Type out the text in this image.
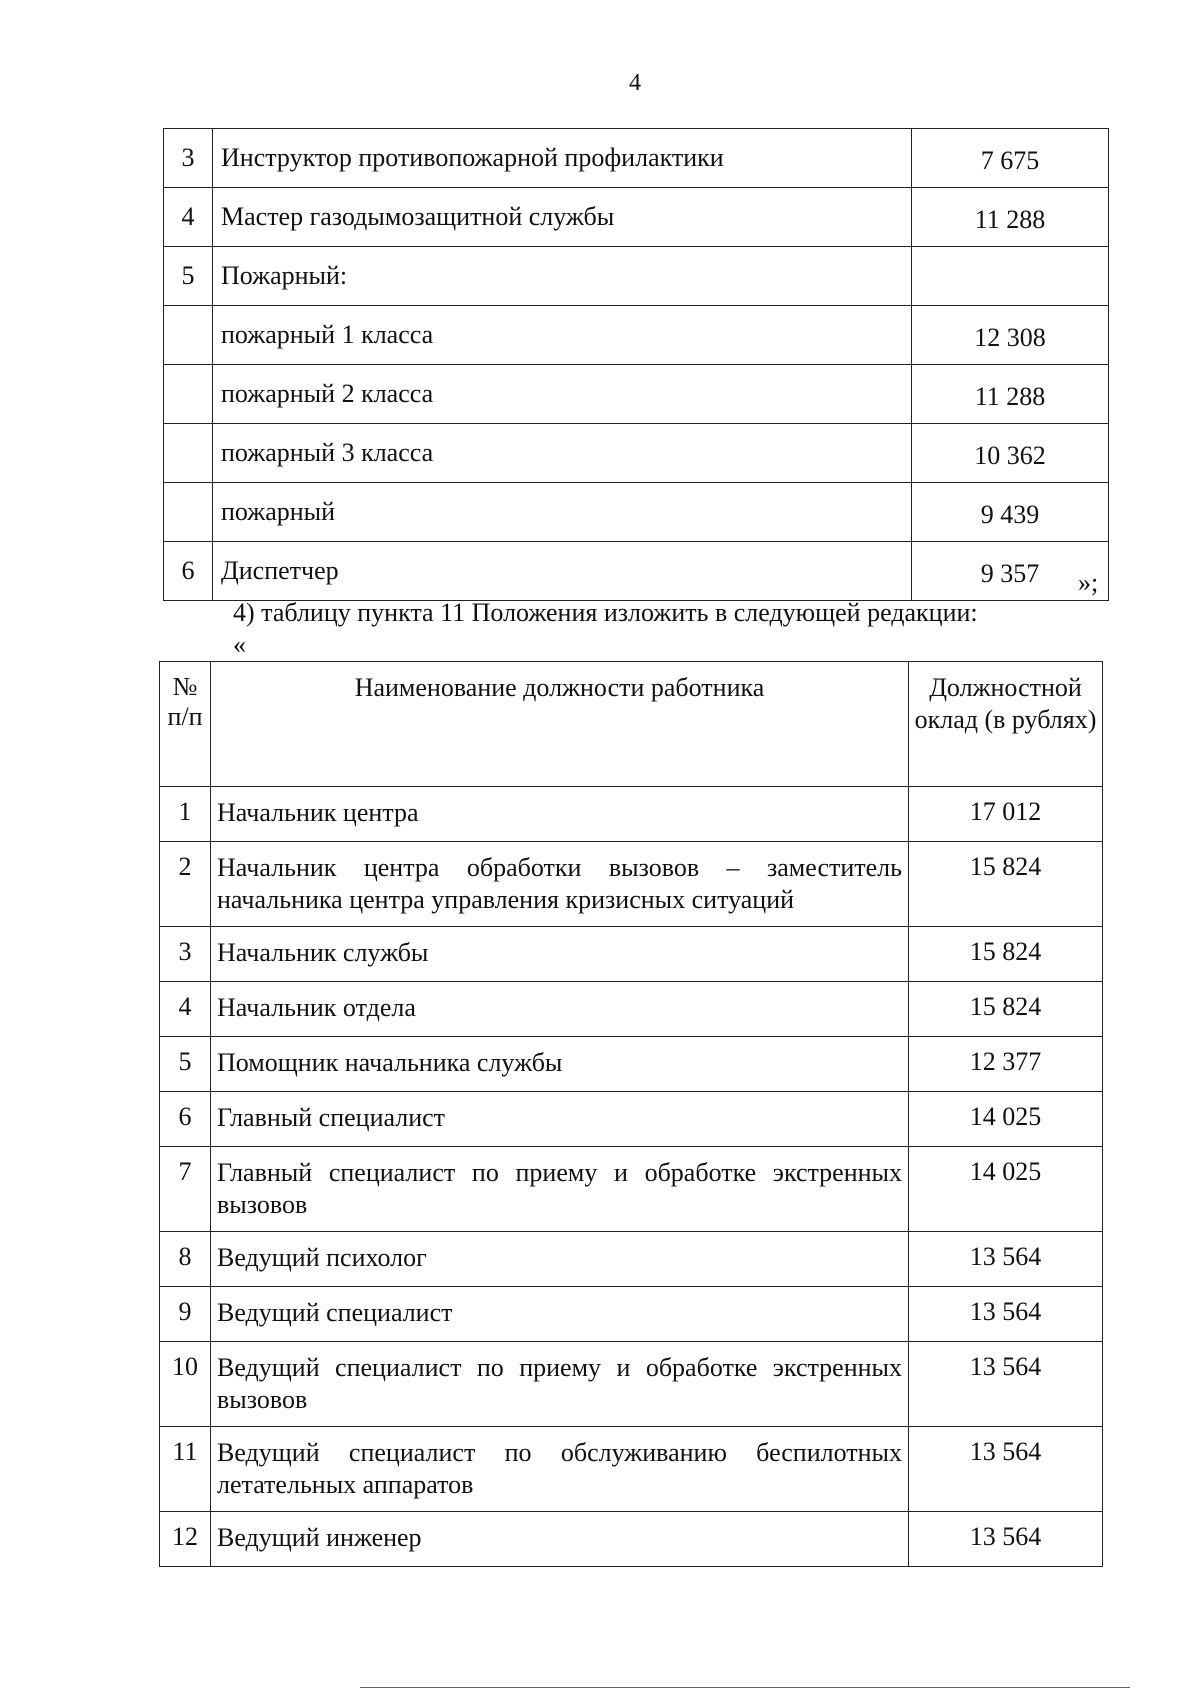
4
3	Инструктор противопожарной профилактики	7 675
4	Мастер газодымозащитной службы	11 288
5	Пожарный:	
	пожарный 1 класса	12 308
	пожарный 2 класса	11 288
	пожарный 3 класса	10 362
	пожарный	9 439
6	Диспетчер	9 357 »;
4) таблицу пункта 11 Положения изложить в следующей редакции:
«
№ п/п	Наименование должности работника	Должностной оклад (в рублях)
1	Начальник центра	17 012
2	Начальник центра обработки вызовов – заместитель начальника центра управления кризисных ситуаций	15 824
3	Начальник службы	15 824
4	Начальник отдела	15 824
5	Помощник начальника службы	12 377
6	Главный специалист	14 025
7	Главный специалист по приему и обработке экстренных вызовов	14 025
8	Ведущий психолог	13 564
9	Ведущий специалист	13 564
10	Ведущий специалист по приему и обработке экстренных вызовов	13 564
11	Ведущий специалист по обслуживанию беспилотных летательных аппаратов	13 564
12	Ведущий инженер	13 564
